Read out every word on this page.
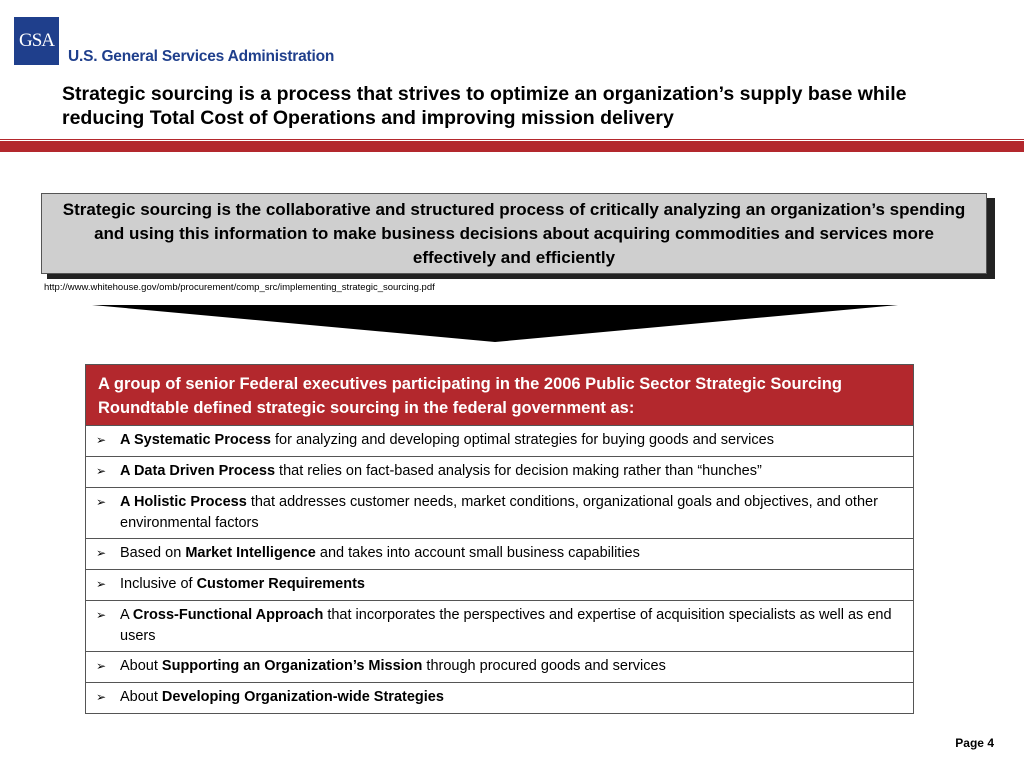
GSA
U.S. General Services Administration
Strategic sourcing is a process that strives to optimize an organization’s supply base while reducing Total Cost of Operations and improving mission delivery
Strategic sourcing is the collaborative and structured process of critically analyzing an organization’s spending and using this information to make business decisions about acquiring commodities and services more effectively and efficiently
http://www.whitehouse.gov/omb/procurement/comp_src/implementing_strategic_sourcing.pdf
A group of senior Federal executives participating in the 2006 Public Sector Strategic Sourcing Roundtable defined strategic sourcing in the federal government as:
➢ A Systematic Process for analyzing and developing optimal strategies for buying goods and services
➢ A Data Driven Process that relies on fact-based analysis for decision making rather than “hunches”
➢ A Holistic Process that addresses customer needs, market conditions, organizational goals and objectives, and other environmental factors
➢ Based on Market Intelligence and takes into account small business capabilities
➢ Inclusive of Customer Requirements
➢ A Cross-Functional Approach that incorporates the perspectives and expertise of acquisition specialists as well as end users
➢ About Supporting an Organization’s Mission through procured goods and services
➢ About Developing Organization-wide Strategies
Page 4
